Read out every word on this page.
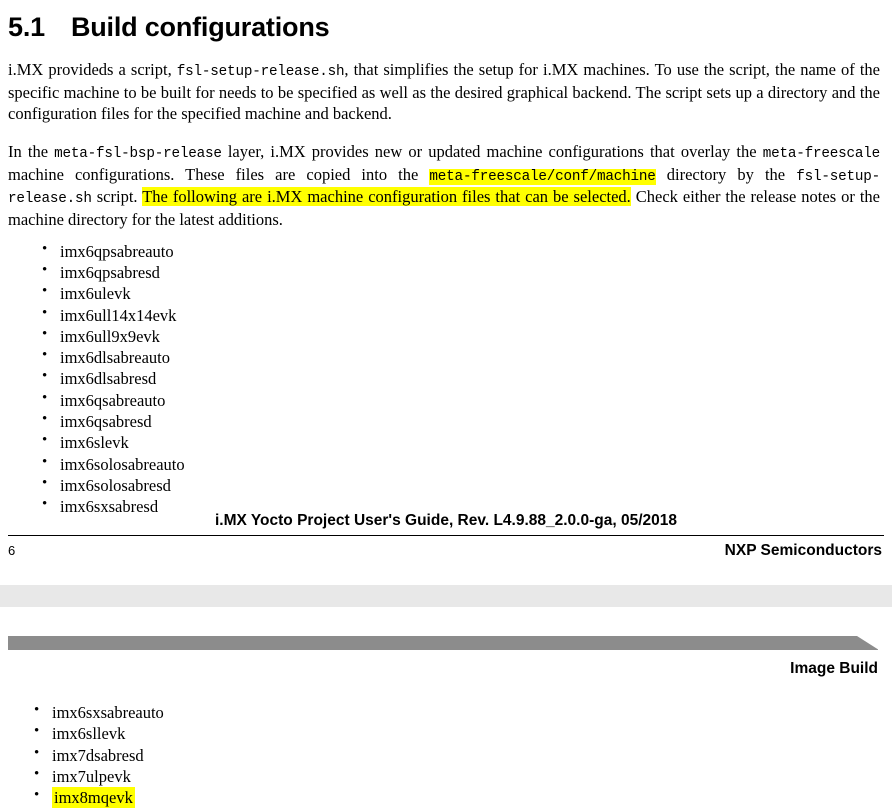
5.1 Build configurations

i.MX provideds a script, fsl-setup-release.sh, that simplifies the setup for i.MX machines. To use the script, the name of the specific machine to be built for needs to be specified as well as the desired graphical backend. The script sets up a directory and the configuration files for the specified machine and backend.

In the meta-fsl-bsp-release layer, i.MX provides new or updated machine configurations that overlay the meta-freescale machine configurations. These files are copied into the meta-freescale/conf/machine directory by the fsl-setup-release.sh script. The following are i.MX machine configuration files that can be selected. Check either the release notes or the machine directory for the latest additions.

• imx6qpsabreauto
• imx6qpsabresd
• imx6ulevk
• imx6ull14x14evk
• imx6ull9x9evk
• imx6dlsabreauto
• imx6dlsabresd
• imx6qsabreauto
• imx6qsabresd
• imx6slevk
• imx6solosabreauto
• imx6solosabresd
• imx6sxsabresd
i.MX Yocto Project User's Guide, Rev. L4.9.88_2.0.0-ga, 05/2018
6	NXP Semiconductors
Image Build
• imx6sxsabreauto
• imx6sllevk
• imx7dsabresd
• imx7ulpevk
• imx8mqevk
